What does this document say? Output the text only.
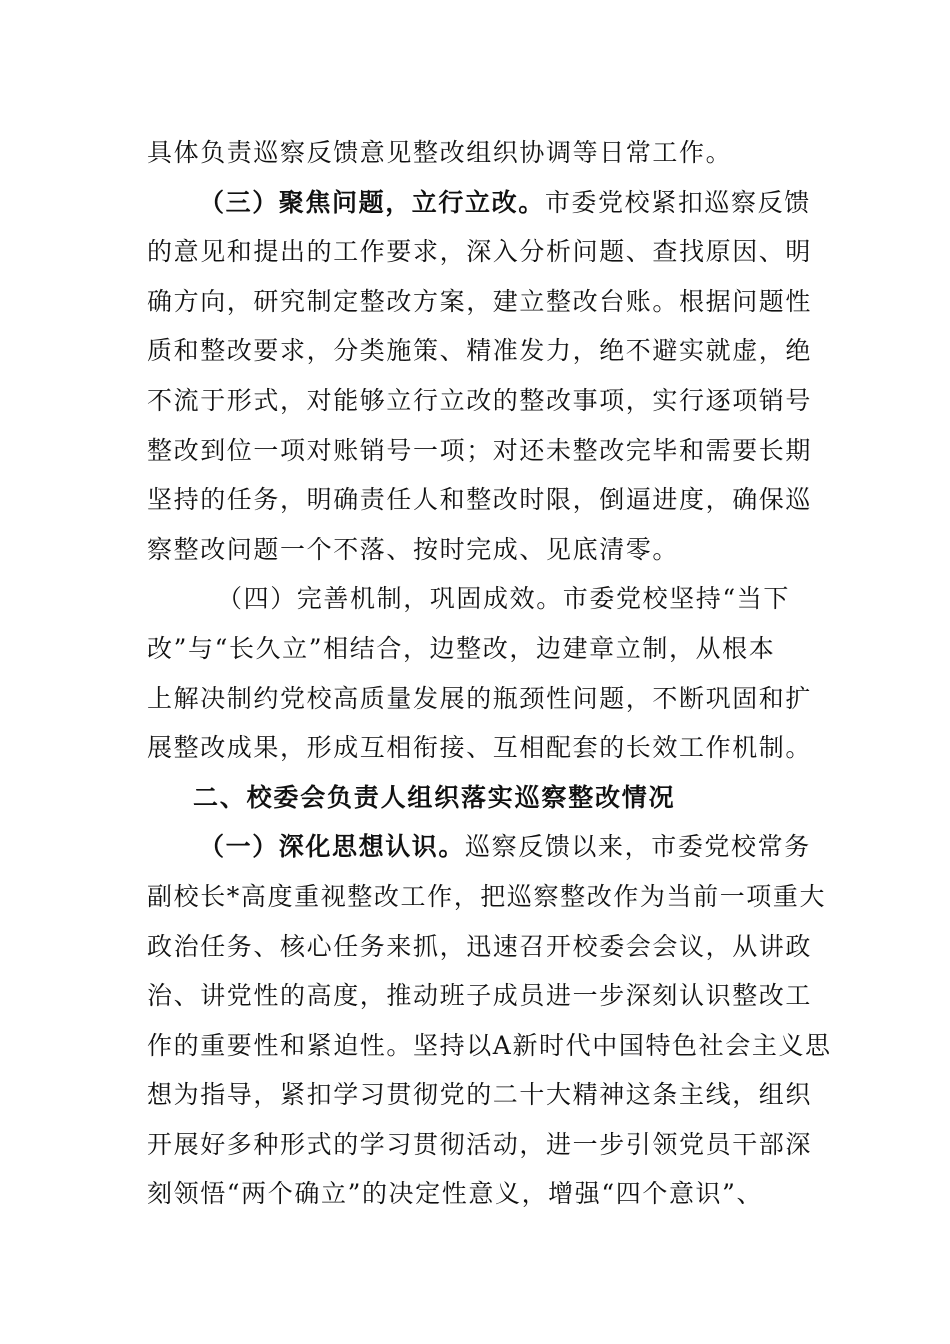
具体负责巡察反馈意见整改组织协调等日常工作。
（三）聚焦问题，立行立改。市委党校紧扣巡察反馈
的意见和提出的工作要求，深入分析问题、查找原因、明
确方向，研究制定整改方案，建立整改台账。根据问题性
质和整改要求，分类施策、精准发力，绝不避实就虚，绝
不流于形式，对能够立行立改的整改事项，实行逐项销号
整改到位一项对账销号一项；对还未整改完毕和需要长期
坚持的任务，明确责任人和整改时限，倒逼进度，确保巡
察整改问题一个不落、按时完成、见底清零。
（四）完善机制，巩固成效。市委党校坚持“当下
改”与“长久立”相结合，边整改，边建章立制，从根本
上解决制约党校高质量发展的瓶颈性问题，不断巩固和扩
展整改成果，形成互相衔接、互相配套的长效工作机制。
二、校委会负责人组织落实巡察整改情况
（一）深化思想认识。巡察反馈以来，市委党校常务
副校长*高度重视整改工作，把巡察整改作为当前一项重大
政治任务、核心任务来抓，迅速召开校委会会议，从讲政
治、讲党性的高度，推动班子成员进一步深刻认识整改工
作的重要性和紧迫性。坚持以A新时代中国特色社会主义思
想为指导，紧扣学习贯彻党的二十大精神这条主线，组织
开展好多种形式的学习贯彻活动，进一步引领党员干部深
刻领悟“两个确立”的决定性意义，增强“四个意识”、
